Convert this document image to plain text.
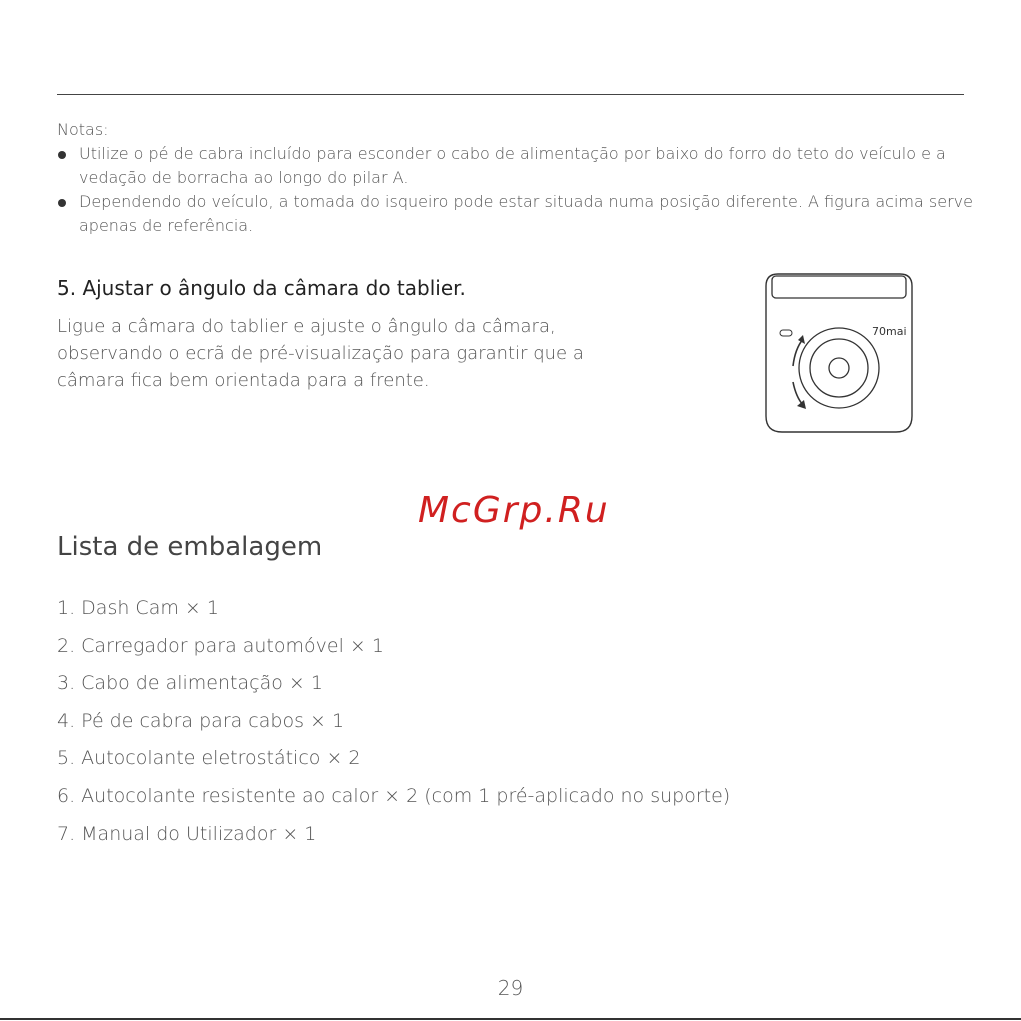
Notas:
Utilize o pé de cabra incluído para esconder o cabo de alimentação por baixo do forro do teto do veículo e a vedação de borracha ao longo do pilar A.
Dependendo do veículo, a tomada do isqueiro pode estar situada numa posição diferente. A figura acima serve apenas de referência.
5. Ajustar o ângulo da câmara do tablier.
Ligue a câmara do tablier e ajuste o ângulo da câmara, observando o ecrã de pré-visualização para garantir que a câmara fica bem orientada para a frente.
70mai
McGrp.Ru
Lista de embalagem
1. Dash Cam × 1
2. Carregador para automóvel × 1
3. Cabo de alimentação × 1
4. Pé de cabra para cabos × 1
5. Autocolante eletrostático × 2
6. Autocolante resistente ao calor × 2 (com 1 pré-aplicado no suporte)
7. Manual do Utilizador × 1
29
